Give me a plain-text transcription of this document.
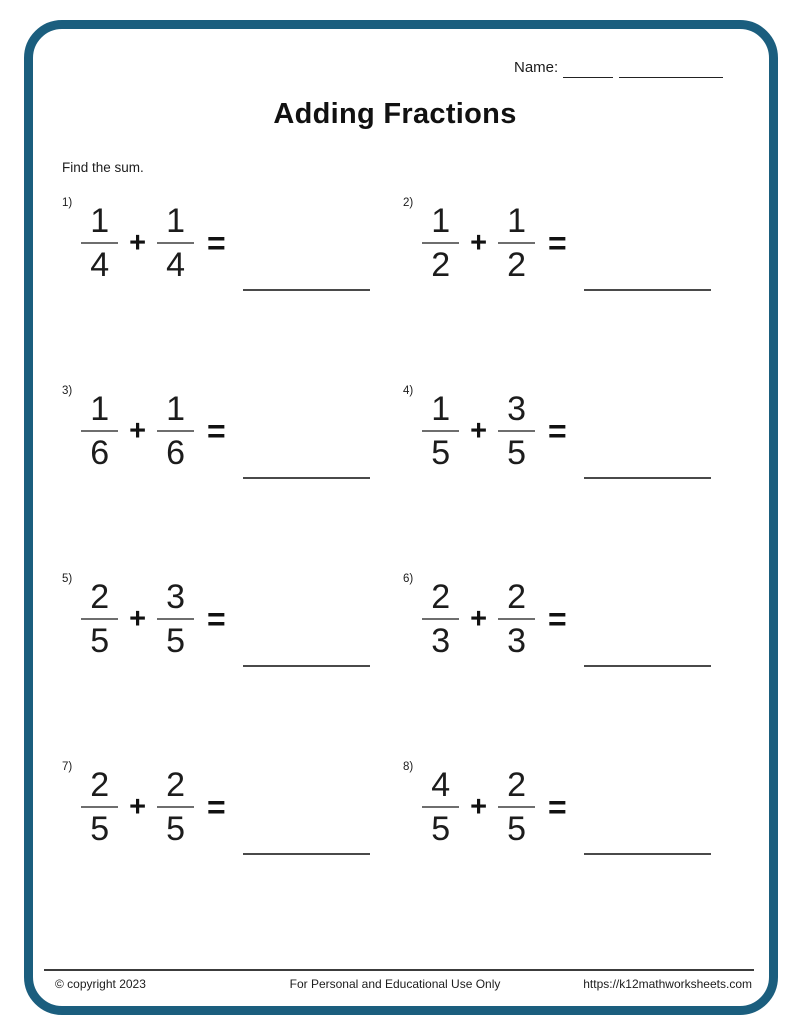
Name:
Adding Fractions
Find the sum.
$1) \frac{1}{4} + \frac{1}{4}$ =
$2) \frac{1}{2} + \frac{1}{2}$ =
$3) \frac{1}{6} + \frac{1}{6}$ =
$4) \frac{1}{5} + \frac{3}{5}$ =
$5) \frac{2}{5} + \frac{3}{5}$ =
$6) \frac{2}{3} + \frac{2}{3}$ =
$7) \frac{2}{5} + \frac{2}{5}$ =
$8) \frac{4}{5} + \frac{2}{5}$ =
© copyright 2023	For Personal and Educational Use Only	https://k12mathworksheets.com
